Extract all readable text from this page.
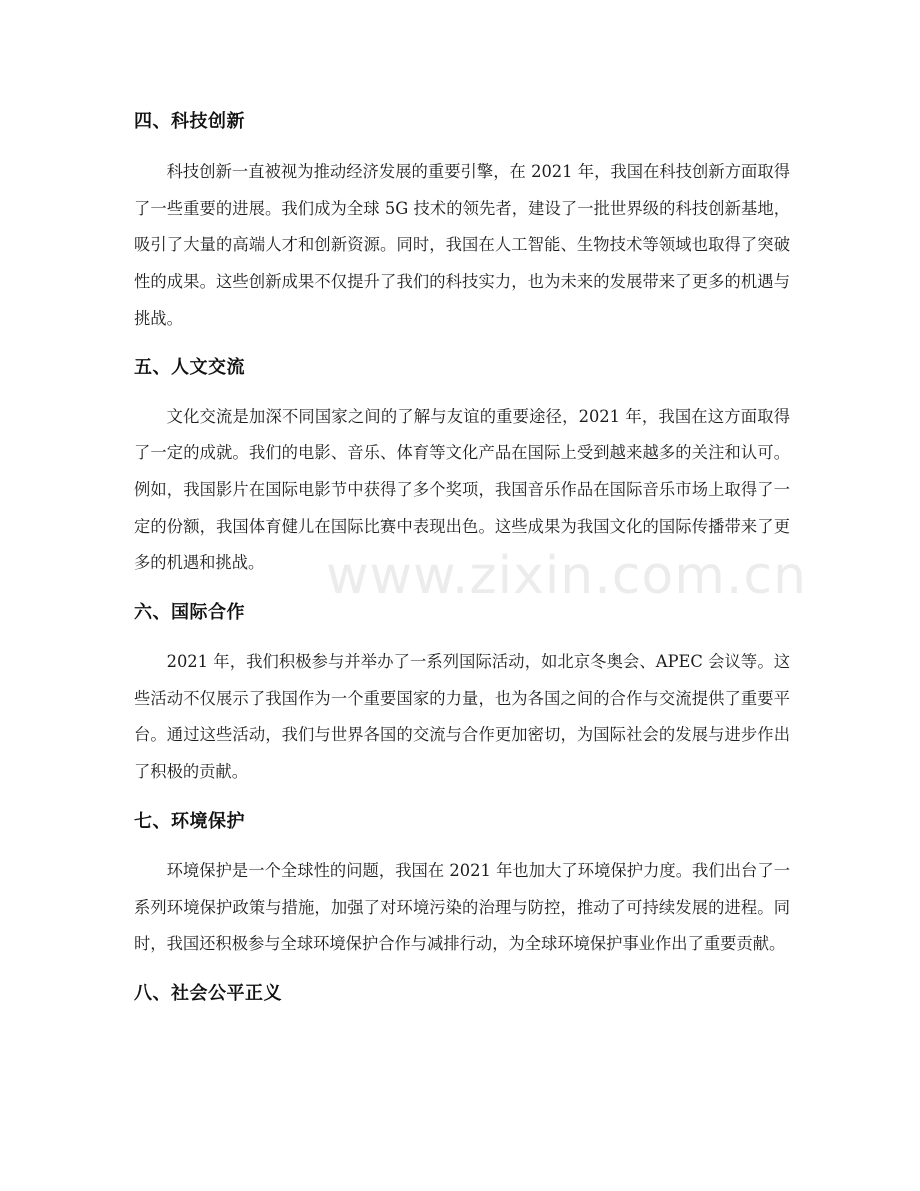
四、科技创新

科技创新一直被视为推动经济发展的重要引擎，在 2021 年，我国在科技创新方面取得了一些重要的进展。我们成为全球 5G 技术的领先者，建设了一批世界级的科技创新基地，吸引了大量的高端人才和创新资源。同时，我国在人工智能、生物技术等领域也取得了突破性的成果。这些创新成果不仅提升了我们的科技实力，也为未来的发展带来了更多的机遇与挑战。

五、人文交流

文化交流是加深不同国家之间的了解与友谊的重要途径，2021 年，我国在这方面取得了一定的成就。我们的电影、音乐、体育等文化产品在国际上受到越来越多的关注和认可。例如，我国影片在国际电影节中获得了多个奖项，我国音乐作品在国际音乐市场上取得了一定的份额，我国体育健儿在国际比赛中表现出色。这些成果为我国文化的国际传播带来了更多的机遇和挑战。

六、国际合作

2021 年，我们积极参与并举办了一系列国际活动，如北京冬奥会、APEC 会议等。这些活动不仅展示了我国作为一个重要国家的力量，也为各国之间的合作与交流提供了重要平台。通过这些活动，我们与世界各国的交流与合作更加密切，为国际社会的发展与进步作出了积极的贡献。

七、环境保护

环境保护是一个全球性的问题，我国在 2021 年也加大了环境保护力度。我们出台了一系列环境保护政策与措施，加强了对环境污染的治理与防控，推动了可持续发展的进程。同时，我国还积极参与全球环境保护合作与减排行动，为全球环境保护事业作出了重要贡献。

八、社会公平正义
www.zixin.com.cn
